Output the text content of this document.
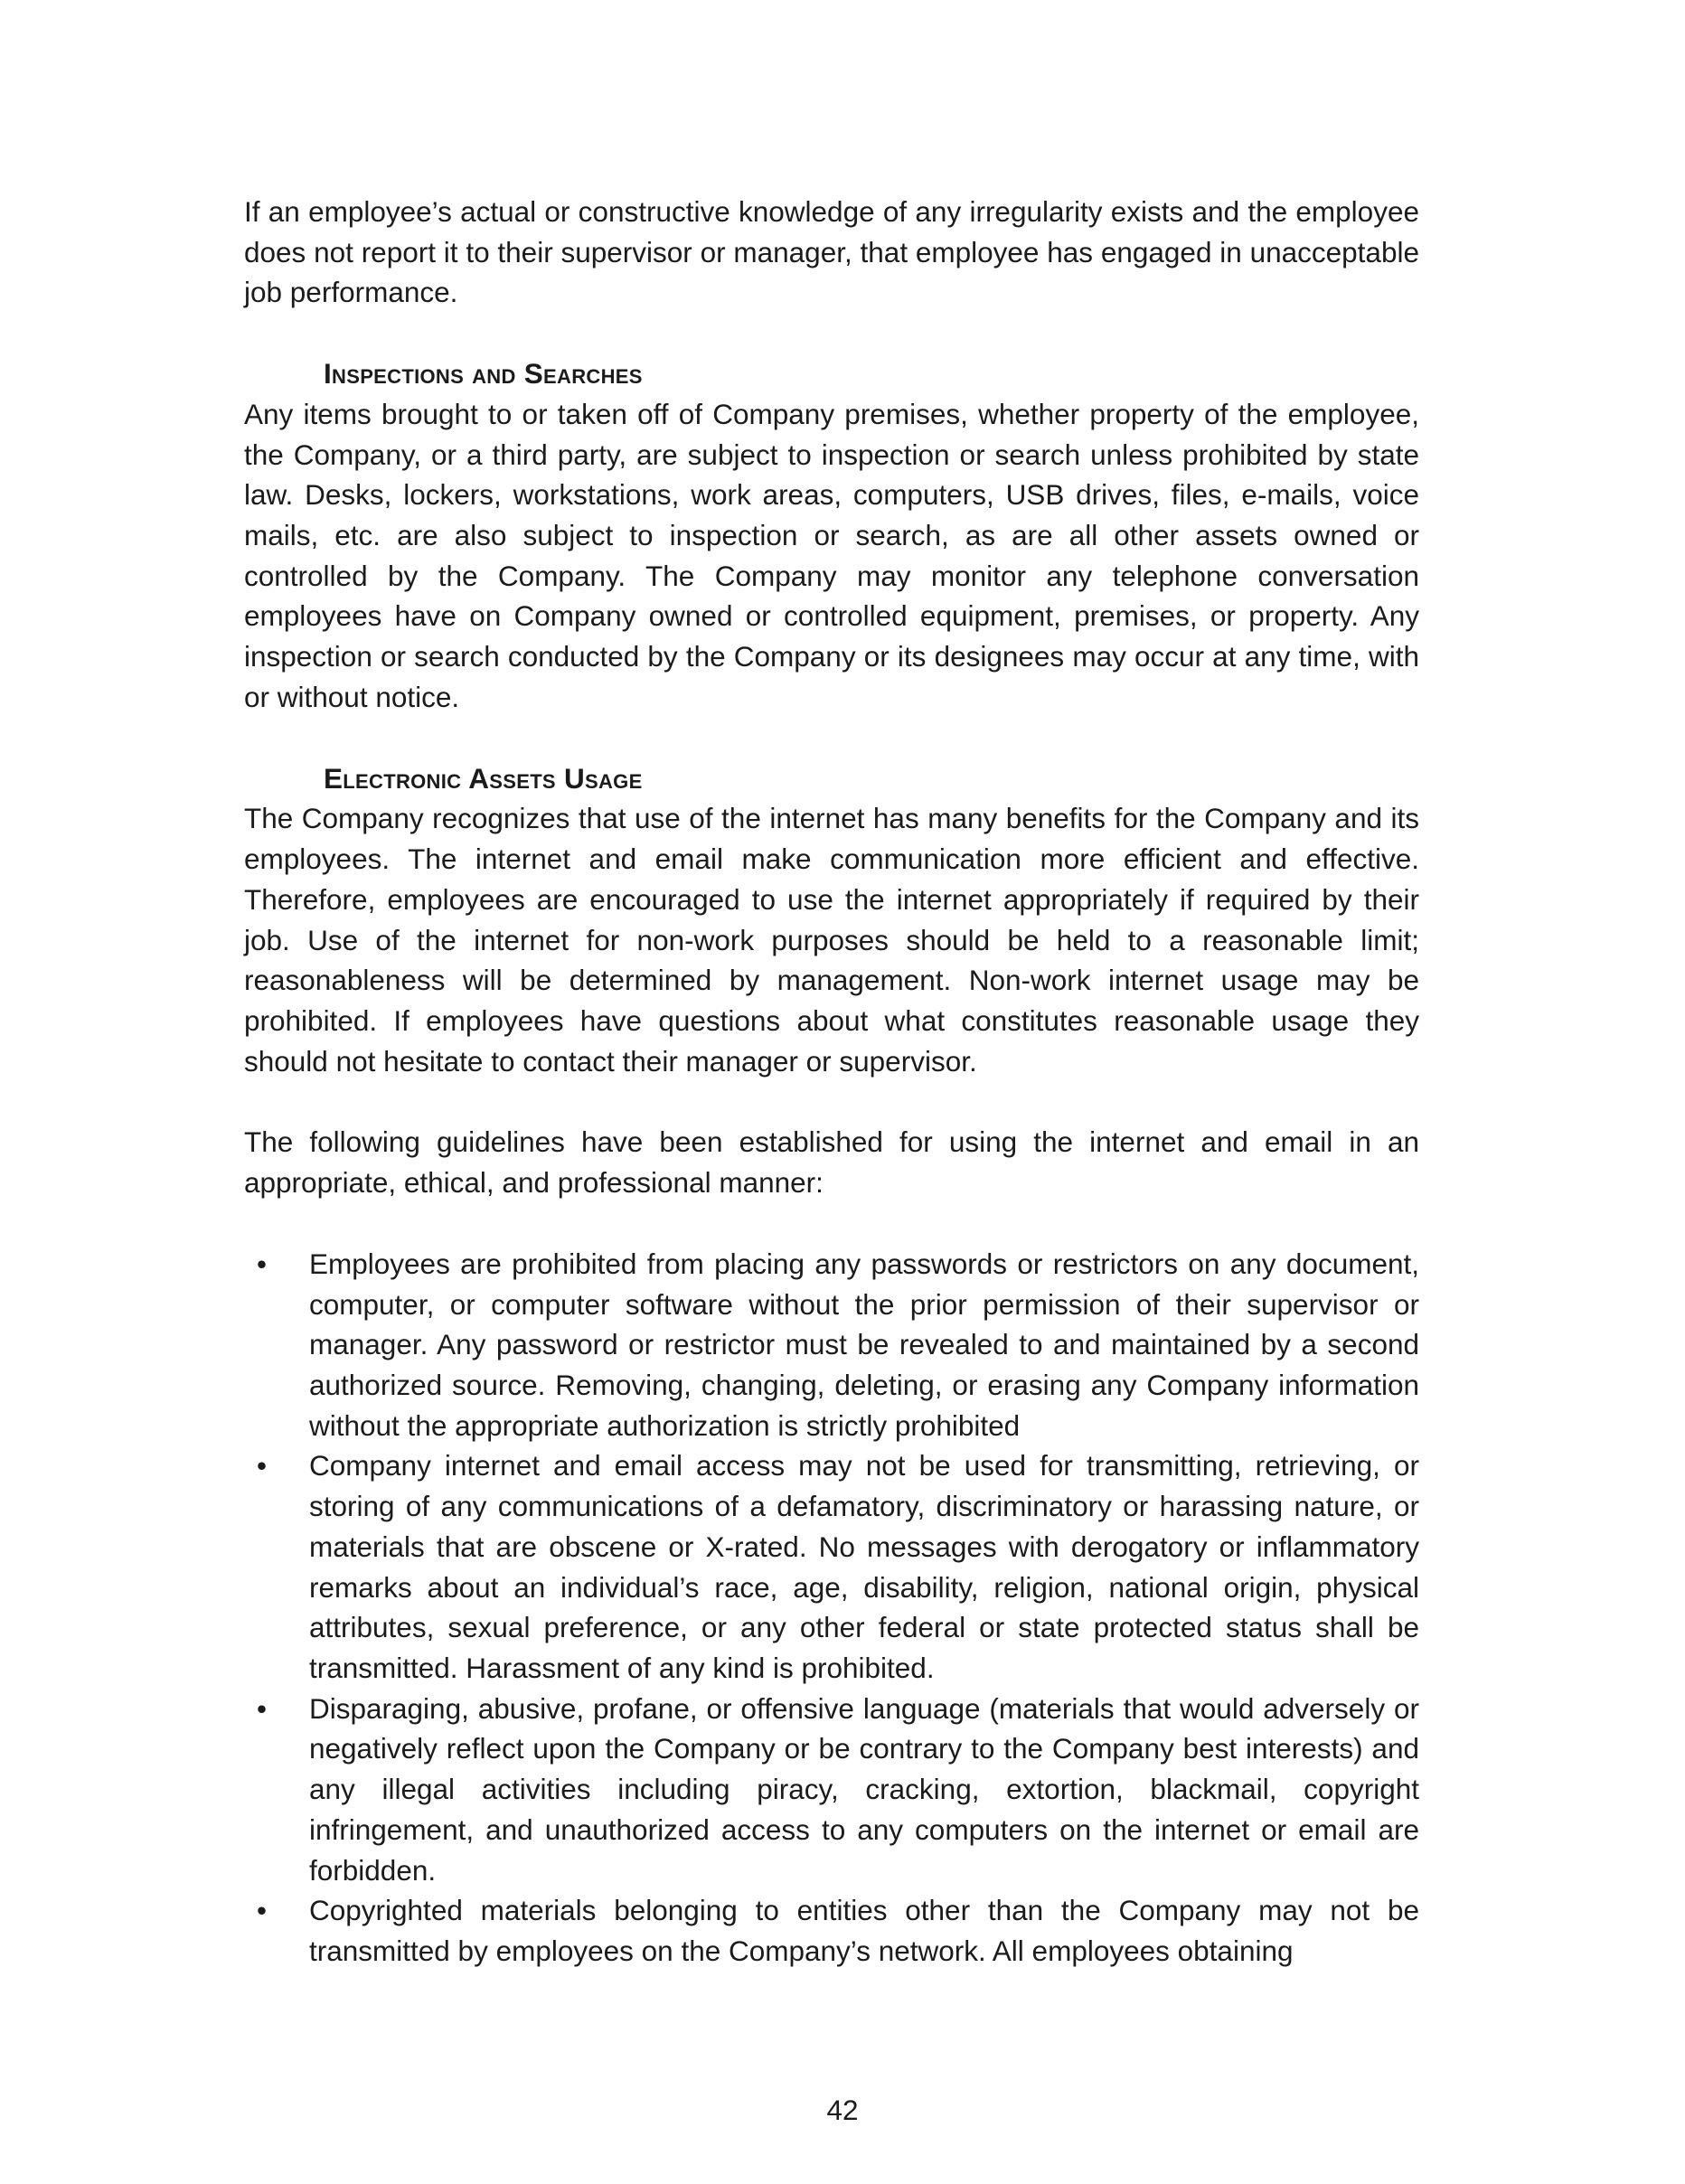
If an employee’s actual or constructive knowledge of any irregularity exists and the employee does not report it to their supervisor or manager, that employee has engaged in unacceptable job performance.

Inspections and Searches

Any items brought to or taken off of Company premises, whether property of the employee, the Company, or a third party, are subject to inspection or search unless prohibited by state law. Desks, lockers, workstations, work areas, computers, USB drives, files, e-mails, voice mails, etc. are also subject to inspection or search, as are all other assets owned or controlled by the Company. The Company may monitor any telephone conversation employees have on Company owned or controlled equipment, premises, or property. Any inspection or search conducted by the Company or its designees may occur at any time, with or without notice.

Electronic Assets Usage

The Company recognizes that use of the internet has many benefits for the Company and its employees. The internet and email make communication more efficient and effective. Therefore, employees are encouraged to use the internet appropriately if required by their job. Use of the internet for non-work purposes should be held to a reasonable limit; reasonableness will be determined by management. Non-work internet usage may be prohibited. If employees have questions about what constitutes reasonable usage they should not hesitate to contact their manager or supervisor.

The following guidelines have been established for using the internet and email in an appropriate, ethical, and professional manner:

•	Employees are prohibited from placing any passwords or restrictors on any document, computer, or computer software without the prior permission of their supervisor or manager. Any password or restrictor must be revealed to and maintained by a second authorized source. Removing, changing, deleting, or erasing any Company information without the appropriate authorization is strictly prohibited
•	Company internet and email access may not be used for transmitting, retrieving, or storing of any communications of a defamatory, discriminatory or harassing nature, or materials that are obscene or X-rated. No messages with derogatory or inflammatory remarks about an individual’s race, age, disability, religion, national origin, physical attributes, sexual preference, or any other federal or state protected status shall be transmitted. Harassment of any kind is prohibited.
•	Disparaging, abusive, profane, or offensive language (materials that would adversely or negatively reflect upon the Company or be contrary to the Company best interests) and any illegal activities including piracy, cracking, extortion, blackmail, copyright infringement, and unauthorized access to any computers on the internet or email are forbidden.
•	Copyrighted materials belonging to entities other than the Company may not be transmitted by employees on the Company’s network. All employees obtaining
42
